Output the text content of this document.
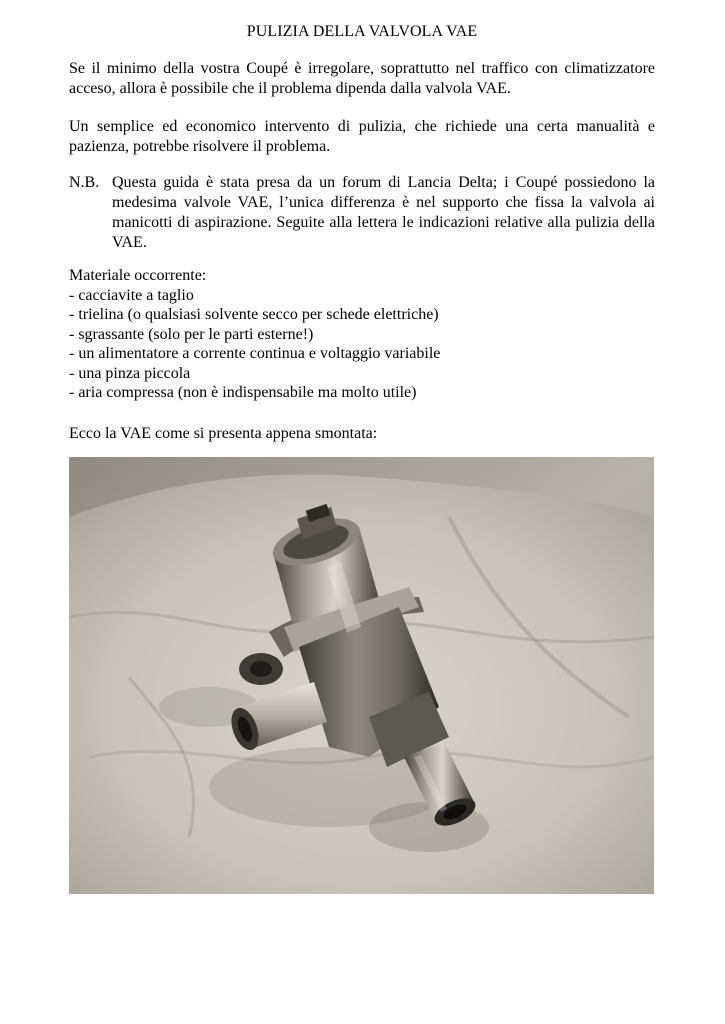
PULIZIA DELLA VALVOLA VAE
Se il minimo della vostra Coupé è irregolare, soprattutto nel traffico con climatizzatore acceso, allora è possibile che il problema dipenda dalla valvola VAE.
Un semplice ed economico intervento di pulizia, che richiede una certa manualità e pazienza, potrebbe risolvere il problema.
N.B. Questa guida è stata presa da un forum di Lancia Delta; i Coupé possiedono la medesima valvole VAE, l’unica differenza è nel supporto che fissa la valvola ai manicotti di aspirazione. Seguite alla lettera le indicazioni relative alla pulizia della VAE.
Materiale occorrente:
- cacciavite a taglio
- trielina (o qualsiasi solvente secco per schede elettriche)
- sgrassante (solo per le parti esterne!)
- un alimentatore a corrente continua e voltaggio variabile
- una pinza piccola
- aria compressa (non è indispensabile ma molto utile)
Ecco la VAE come si presenta appena smontata:
